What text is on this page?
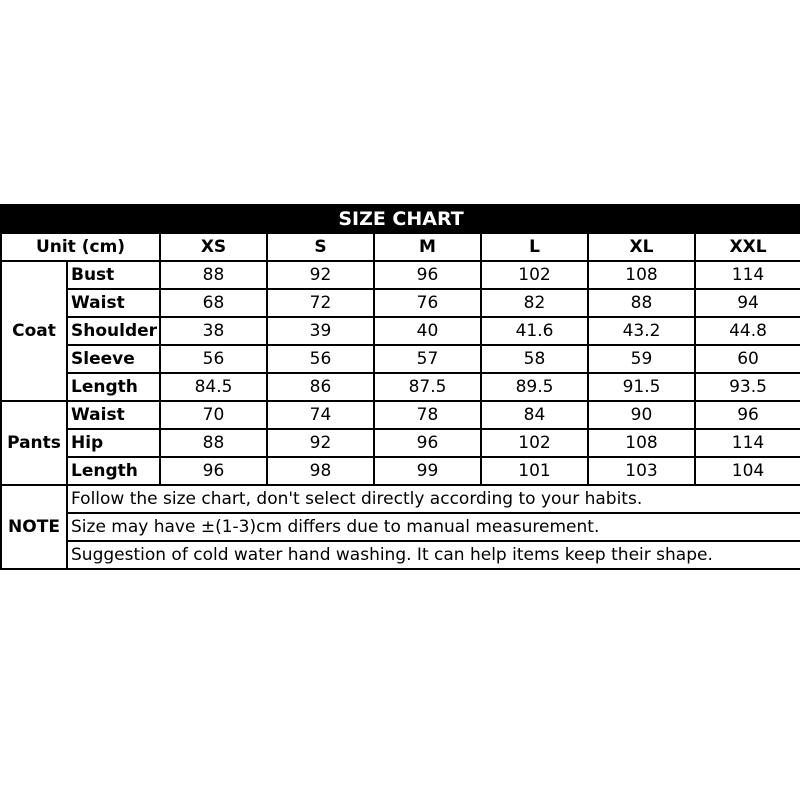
SIZE CHART							
Unit (cm)		XS	S	M	L	XL	XXL
Coat	Bust	88	92	96	102	108	114
	Waist	68	72	76	82	88	94
	Shoulder	38	39	40	41.6	43.2	44.8
	Sleeve	56	56	57	58	59	60
	Length	84.5	86	87.5	89.5	91.5	93.5
Pants	Waist	70	74	78	84	90	96
	Hip	88	92	96	102	108	114
	Length	96	98	99	101	103	104
NOTE	Follow the size chart, don't select directly according to your habits.						
	Size may have ±(1-3)cm differs due to manual measurement.						
	Suggestion of cold water hand washing. It can help items keep their shape.						
